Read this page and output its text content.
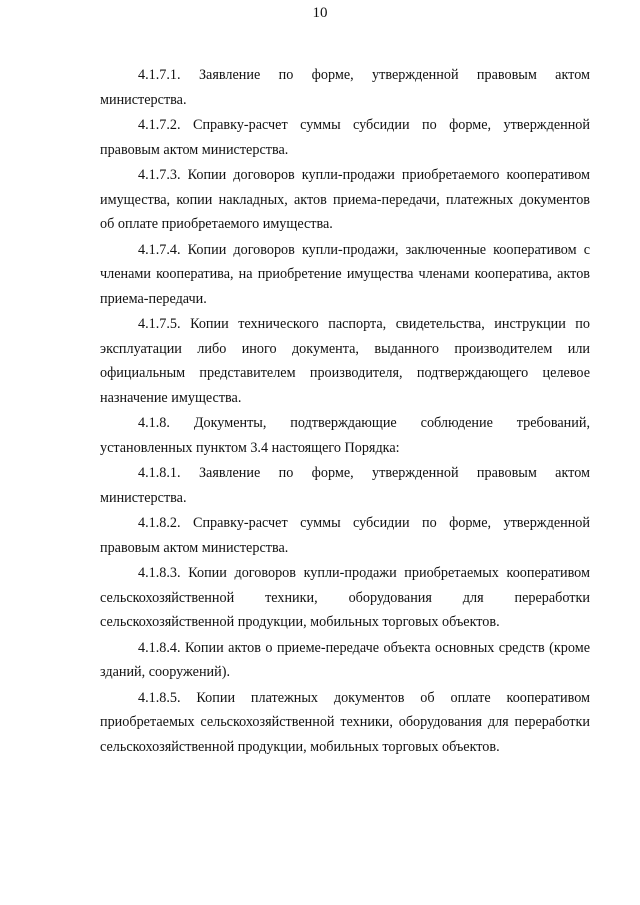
10

4.1.7.1. Заявление по форме, утвержденной правовым актом министерства.

4.1.7.2. Справку-расчет суммы субсидии по форме, утвержденной правовым актом министерства.

4.1.7.3. Копии договоров купли-продажи приобретаемого кооперативом имущества, копии накладных, актов приема-передачи, платежных документов об оплате приобретаемого имущества.

4.1.7.4. Копии договоров купли-продажи, заключенные кооперативом с членами кооператива, на приобретение имущества членами кооператива, актов приема-передачи.

4.1.7.5. Копии технического паспорта, свидетельства, инструкции по эксплуатации либо иного документа, выданного производителем или официальным представителем производителя, подтверждающего целевое назначение имущества.

4.1.8. Документы, подтверждающие соблюдение требований, установленных пунктом 3.4 настоящего Порядка:

4.1.8.1. Заявление по форме, утвержденной правовым актом министерства.

4.1.8.2. Справку-расчет суммы субсидии по форме, утвержденной правовым актом министерства.

4.1.8.3. Копии договоров купли-продажи приобретаемых кооперативом сельскохозяйственной техники, оборудования для переработки сельскохозяйственной продукции, мобильных торговых объектов.

4.1.8.4. Копии актов о приеме-передаче объекта основных средств (кроме зданий, сооружений).

4.1.8.5. Копии платежных документов об оплате кооперативом приобретаемых сельскохозяйственной техники, оборудования для переработки сельскохозяйственной продукции, мобильных торговых объектов.
